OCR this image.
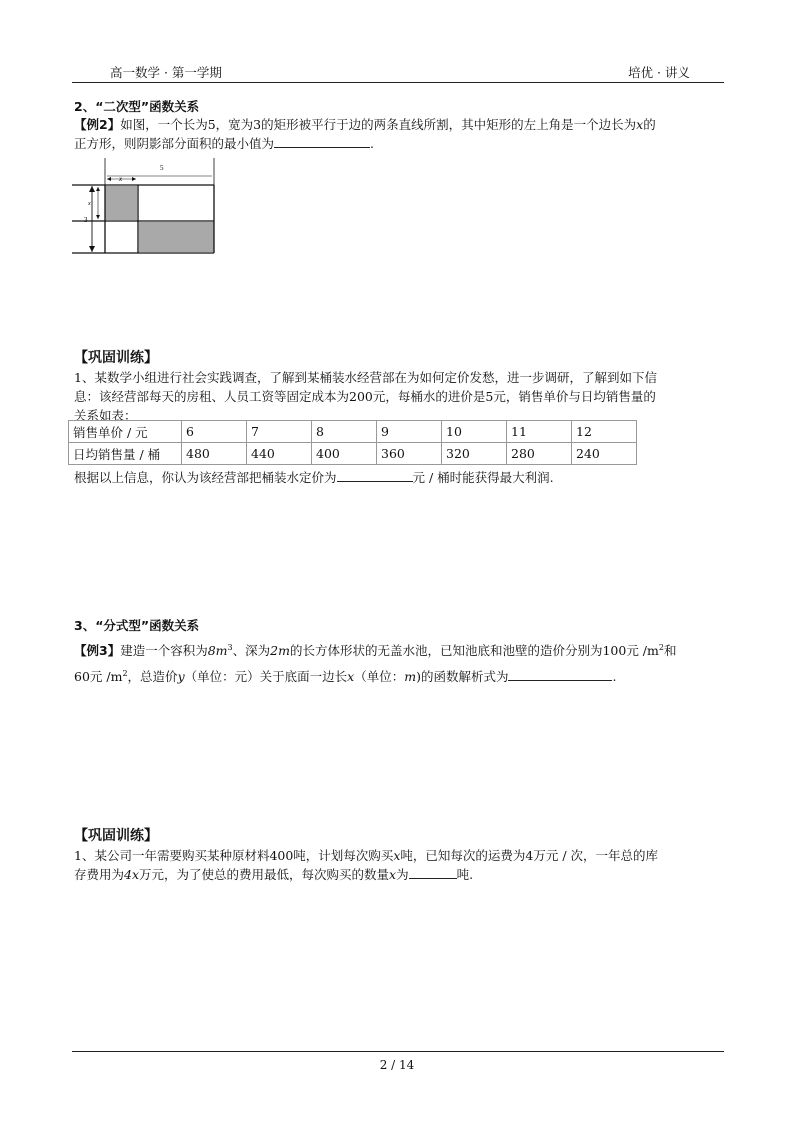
高一数学 · 第一学期	培优 · 讲义
2、“二次型”函数关系
【例2】如图，一个长为5，宽为3的矩形被平行于边的两条直线所割，其中矩形的左上角是一个边长为x的
正方形，则阴影部分面积的最小值为	.
5
x
3
x
【巩固训练】
1、某数学小组进行社会实践调查，了解到某桶装水经营部在为如何定价发愁，进一步调研，了解到如下信
息：该经营部每天的房租、人员工资等固定成本为200元，每桶水的进价是5元，销售单价与日均销售量的
关系如表：
销售单价 / 元	6	7	8	9	10	11	12
日均销售量 / 桶	480	440	400	360	320	280	240
根据以上信息，你认为该经营部把桶装水定价为	元 / 桶时能获得最大利润.
3、“分式型”函数关系
【例3】建造一个容积为$8m^3$、深为2m的长方体形状的无盖水池，已知池底和池壁的造价分别为100元 $/m^2$和
60元 $/m^2$，总造价y（单位：元）关于底面一边长x（单位：m)的函数解析式为	.
【巩固训练】
1、某公司一年需要购买某种原材料400吨，计划每次购买x吨，已知每次的运费为4万元 / 次，一年总的库
存费用为4x万元，为了使总的费用最低，每次购买的数量x为	吨.
2 / 14
